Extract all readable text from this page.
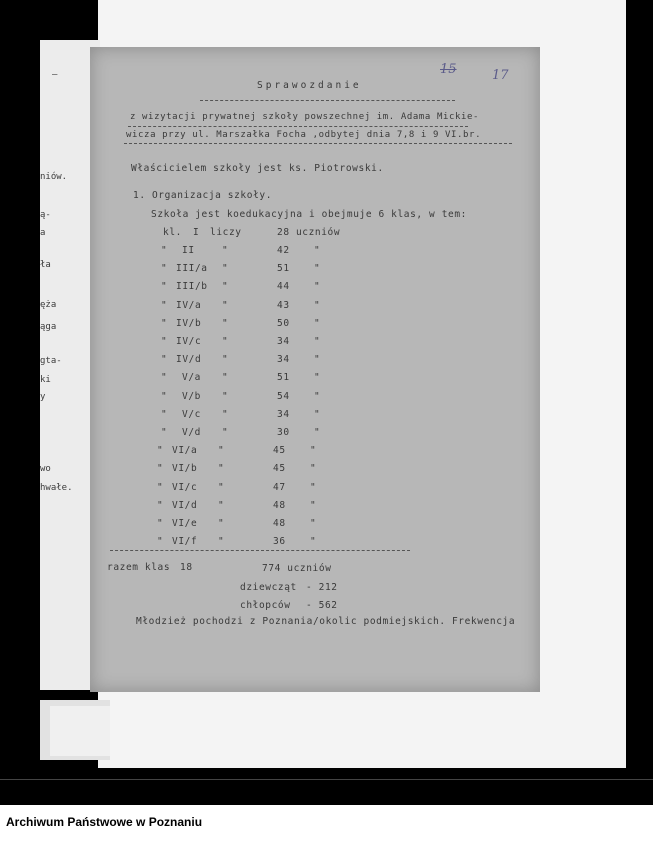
—
niów.
ą-
a
ła
ęża
ąga
gta-
ki
y
wo
hwałe.
15	17
Sprawozdanie
z wizytacji prywatnej szkoły powszechnej im. Adama Mickie-
wicza przy ul. Marszałka Focha ,odbytej dnia 7,8 i 9 VI.br.
Właścicielem szkoły jest ks. Piotrowski.
1. Organizacja szkoły.
Szkoła jest koedukacyjna i obejmuje 6 klas, w tem:
kl. I liczy	28 uczniów
" II	"	42	"
" III/a "	51	"
" III/b "	44	"
" IV/a "	43	"
" IV/b "	50	"
" IV/c "	34	"
" IV/d "	34	"
" V/a "	51	"
" V/b "	54	"
" V/c "	34	"
" V/d "	30	"
" VI/a "	45	"
" VI/b "	45	"
" VI/c "	47	"
" VI/d "	48	"
" VI/e "	48	"
" VI/f "	36	"
razem klas 18	774 uczniów
dziewcząt - 212
chłopców - 562
Młodzież pochodzi z Poznania/okolic podmiejskich. Frekwencja
Archiwum Państwowe w Poznaniu
